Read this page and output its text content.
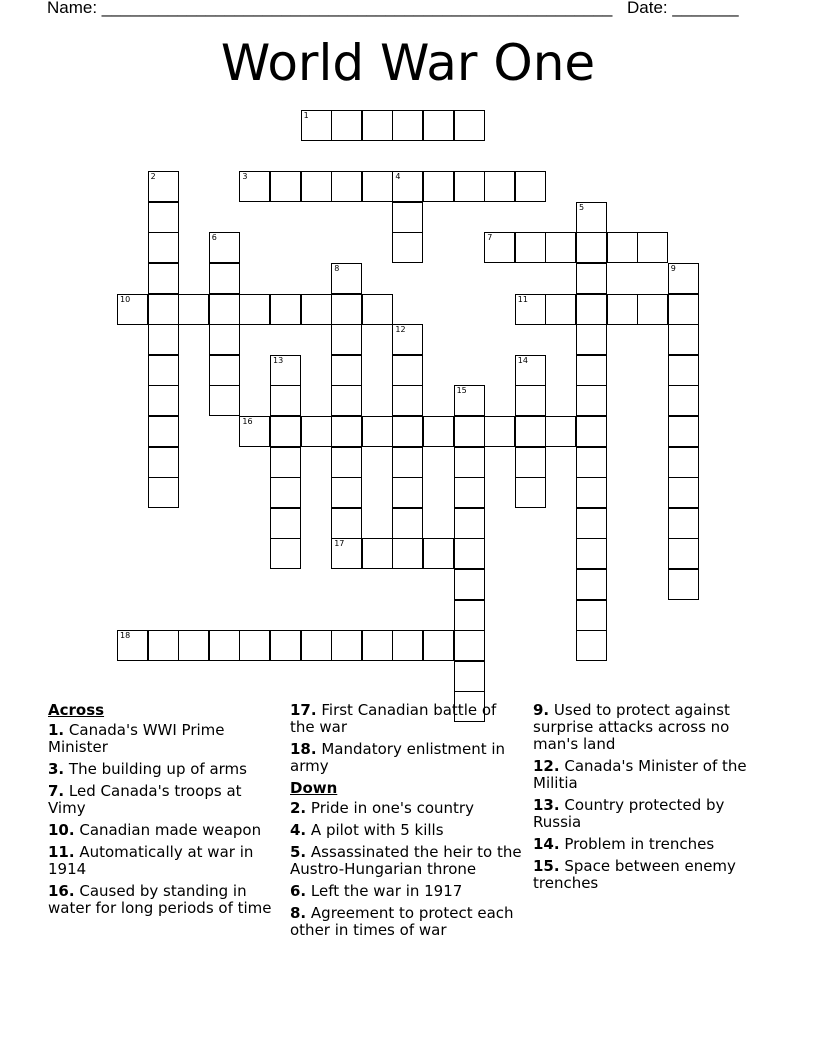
Name: ______________________________________________________ Date: _______
World War One
1
2	3	4
5
6	7
8	9
10	11
12
13	14
15
16
17
18
Across
1. Canada's WWI Prime Minister
3. The building up of arms
7. Led Canada's troops at Vimy
10. Canadian made weapon
11. Automatically at war in 1914
16. Caused by standing in water for long periods of time
17. First Canadian battle of the war
18. Mandatory enlistment in army
Down
2. Pride in one's country
4. A pilot with 5 kills
5. Assassinated the heir to the Austro-Hungarian throne
6. Left the war in 1917
8. Agreement to protect each other in times of war
9. Used to protect against surprise attacks across no man's land
12. Canada's Minister of the Militia
13. Country protected by Russia
14. Problem in trenches
15. Space between enemy trenches
